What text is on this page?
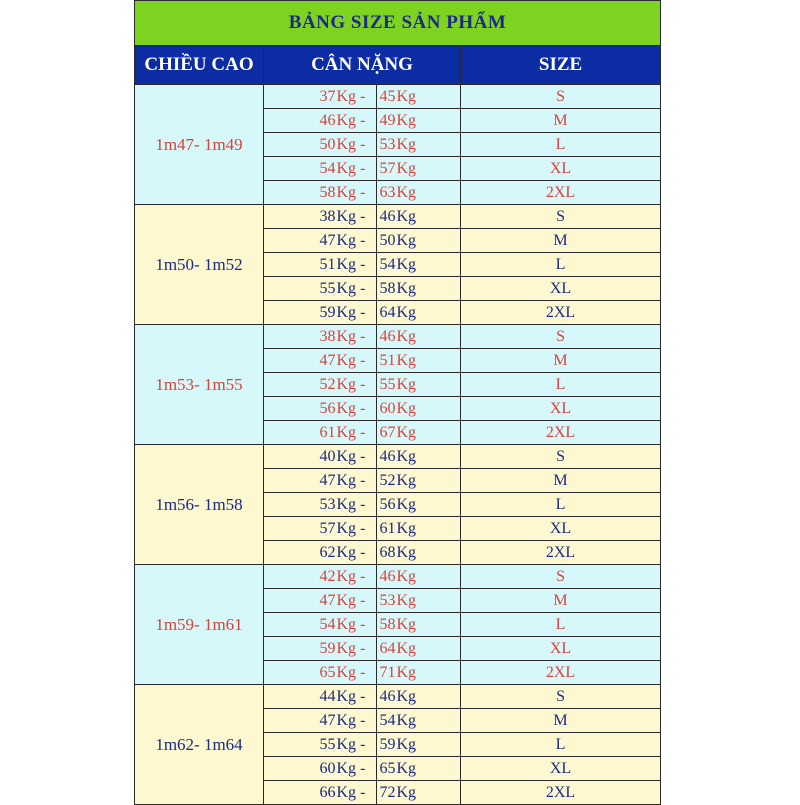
BẢNG SIZE SẢN PHẨM					
CHIỀU CAO	CÂN NẶNG				SIZE
1m47- 1m49	37	Kg -	45	Kg	S
	46	Kg -	49	Kg	M
	50	Kg -	53	Kg	L
	54	Kg -	57	Kg	XL
	58	Kg -	63	Kg	2XL
1m50- 1m52	38	Kg -	46	Kg	S
	47	Kg -	50	Kg	M
	51	Kg -	54	Kg	L
	55	Kg -	58	Kg	XL
	59	Kg -	64	Kg	2XL
1m53- 1m55	38	Kg -	46	Kg	S
	47	Kg -	51	Kg	M
	52	Kg -	55	Kg	L
	56	Kg -	60	Kg	XL
	61	Kg -	67	Kg	2XL
1m56- 1m58	40	Kg -	46	Kg	S
	47	Kg -	52	Kg	M
	53	Kg -	56	Kg	L
	57	Kg -	61	Kg	XL
	62	Kg -	68	Kg	2XL
1m59- 1m61	42	Kg -	46	Kg	S
	47	Kg -	53	Kg	M
	54	Kg -	58	Kg	L
	59	Kg -	64	Kg	XL
	65	Kg -	71	Kg	2XL
1m62- 1m64	44	Kg -	46	Kg	S
	47	Kg -	54	Kg	M
	55	Kg -	59	Kg	L
	60	Kg -	65	Kg	XL
	66	Kg -	72	Kg	2XL
